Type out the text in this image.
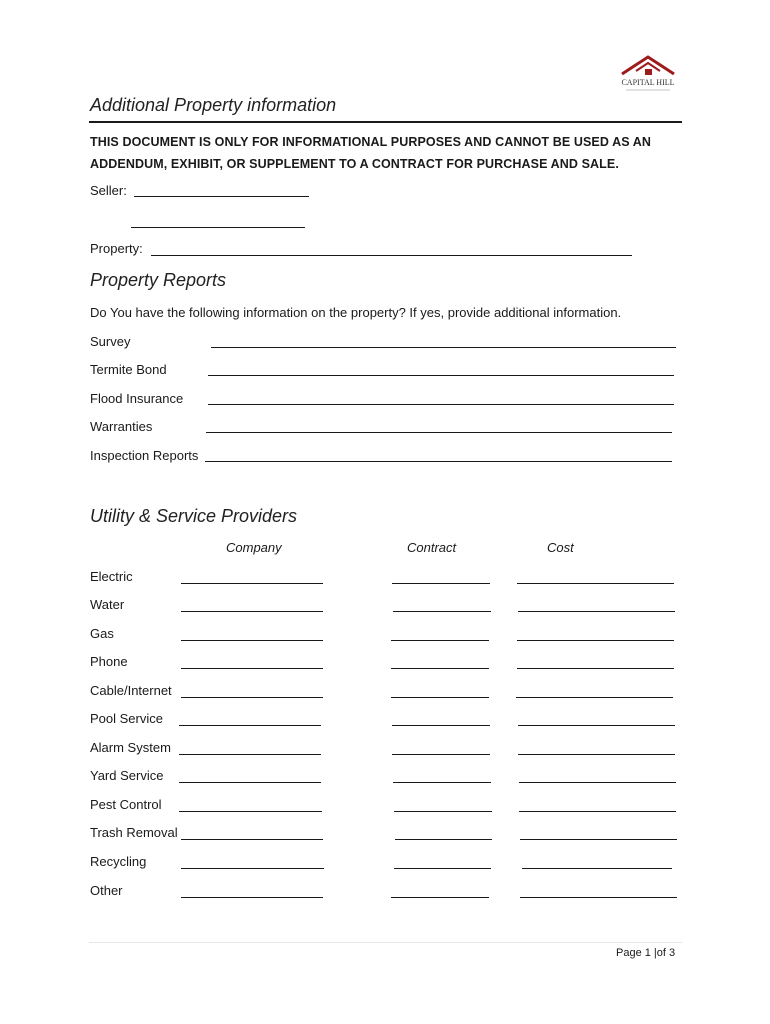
CAPITAL HILL
Additional Property information
THIS DOCUMENT IS ONLY FOR INFORMATIONAL PURPOSES AND CANNOT BE USED AS AN
ADDENDUM, EXHIBIT, OR SUPPLEMENT TO A CONTRACT FOR PURCHASE AND SALE.
Seller:
Property:
Property Reports
Do You have the following information on the property? If yes, provide additional information.
Survey
Termite Bond
Flood Insurance
Warranties
Inspection Reports
Utility & Service Providers
Company	Contract	Cost
Electric
Water
Gas
Phone
Cable/Internet
Pool Service
Alarm System
Yard Service
Pest Control
Trash Removal
Recycling
Other
Page 1 |of 3
